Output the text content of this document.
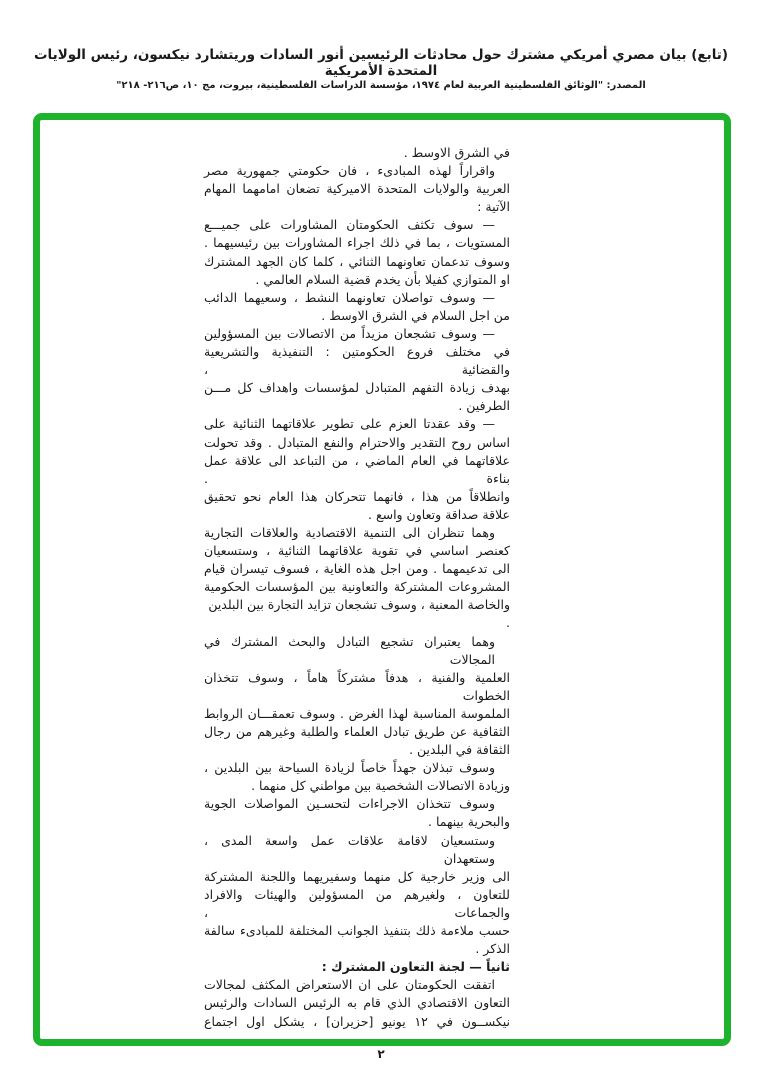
(تابع) بيان مصري أمريكي مشترك حول محادثات الرئيسين أنور السادات وريتشارد نيكسون، رئيس الولايات المتحدة الأمريكية
المصدر: "الوثائق الفلسطينية العربية لعام ١٩٧٤، مؤسسة الدراسات الفلسطينية، بيروت، مج ١٠، ص٢١٦- ٢١٨"
في الشرق الاوسط .
واقراراً لهذه المبادىء ، فان حكومتي جمهورية مصر
العربية والولايات المتحدة الاميركية تضعان امامهما المهام
الآتية :
— سوف تكثف الحكومتان المشاورات على جميـــع
المستويات ، بما في ذلك اجراء المشاورات بين رئيسيهما .
وسوف تدعمان تعاونهما الثنائي ، كلما كان الجهد المشترك
او المتوازي كفيلا بأن يخدم قضية السلام العالمي .
— وسوف تواصلان تعاونهما النشط ، وسعيهما الدائب
من اجل السلام في الشرق الاوسط .
— وسوف تشجعان مزيداً من الاتصالات بين المسؤولين
في مختلف فروع الحكومتين : التنفيذية والتشريعية والقضائية ،
بهدف زيادة التفهم المتبادل لمؤسسات واهداف كل مـــن
الطرفين .
— وقد عقدتا العزم على تطوير علاقاتهما الثنائية على
اساس روح التقدير والاحترام والنفع المتبادل . وقد تحولت
علاقاتهما في العام الماضي ، من التباعد الى علاقة عمل بناءة .
وانطلاقاً من هذا ، فانهما تتحركان هذا العام نحو تحقيق
علاقة صداقة وتعاون واسع .
وهما تنظران الى التنمية الاقتصادية والعلاقات التجارية
كعنصر اساسي في تقوية علاقاتهما الثنائية ، وستسعيان
الى تدعيمهما . ومن اجل هذه الغاية ، فسوف تيسران قيام
المشروعات المشتركة والتعاونية بين المؤسسات الحكومية
والخاصة المعنية ، وسوف تشجعان تزايد التجارة بين البلدين .
وهما يعتبران تشجيع التبادل والبحث المشترك في المجالات
العلمية والفنية ، هدفاً مشتركاً هاماً ، وسوف تتخذان الخطوات
الملموسة المناسبة لهذا الغرض . وسوف تعمقـــان الروابط
الثقافية عن طريق تبادل العلماء والطلبة وغيرهم من رجال
الثقافة في البلدين .
وسوف تبذلان جهداً خاصاً لزيادة السياحة بين البلدين ،
وزيادة الاتصالات الشخصية بين مواطني كل منهما .
وسوف تتخذان الاجراءات لتحسـين المواصلات الجوية
والبحرية بينهما .
وستسعيان لاقامة علاقات عمل واسعة المدى ، وستعهدان
الى وزير خارجية كل منهما وسفيريهما واللجنة المشتركة
للتعاون ، ولغيرهم من المسؤولين والهيئات والافراد والجماعات ،
حسب ملاءمة ذلك بتنفيذ الجوانب المختلفة للمبادىء سالفة
الذكر .
ثانياً — لجنة التعاون المشترك :
اتفقت الحكومتان على ان الاستعراض المكثف لمجالات
التعاون الاقتصادي الذي قام به الرئيس السادات والرئيس
نيكســون في ١٢ يونيو [حزيران] ، يشكل اول اجتماع
٢
